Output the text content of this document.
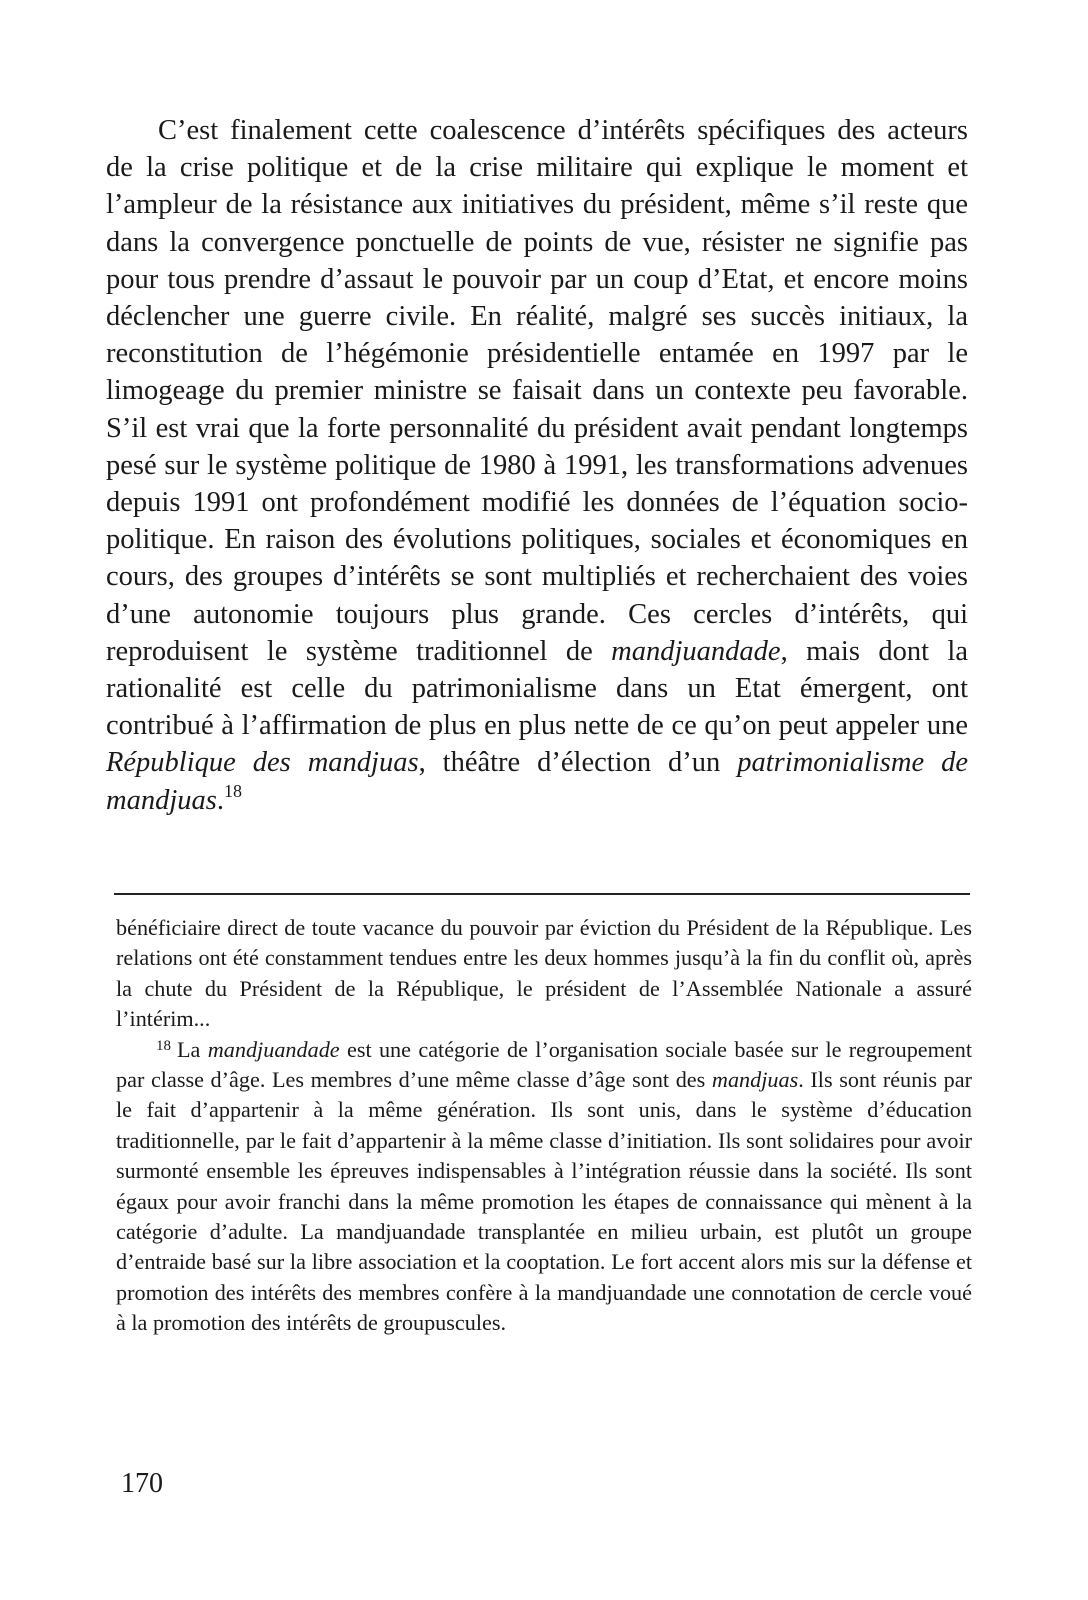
C’est finalement cette coalescence d’intérêts spécifiques des acteurs de la crise politique et de la crise militaire qui explique le moment et l’ampleur de la résistance aux initiatives du président, même s’il reste que dans la convergence ponctuelle de points de vue, résister ne signifie pas pour tous prendre d’assaut le pouvoir par un coup d’Etat, et encore moins déclencher une guerre civile. En réalité, malgré ses succès initiaux, la reconstitution de l’hégémonie présidentielle entamée en 1997 par le limogeage du premier ministre se faisait dans un contexte peu favorable. S’il est vrai que la forte personnalité du président avait pendant longtemps pesé sur le système politique de 1980 à 1991, les transformations advenues depuis 1991 ont profondément modifié les données de l’équation socio-politique. En raison des évolutions politiques, sociales et économiques en cours, des groupes d’intérêts se sont multipliés et recherchaient des voies d’une autonomie toujours plus grande. Ces cercles d’intérêts, qui reproduisent le système traditionnel de mandjuandade, mais dont la rationalité est celle du patrimonialisme dans un Etat émergent, ont contribué à l’affirmation de plus en plus nette de ce qu’on peut appeler une République des mandjuas, théâtre d’élection d’un patrimonialisme de mandjuas.$^{18}$

bénéficiaire direct de toute vacance du pouvoir par éviction du Président de la République. Les relations ont été constamment tendues entre les deux hommes jusqu’à la fin du conflit où, après la chute du Président de la République, le président de l’Assemblée Nationale a assuré l’intérim...

$^{18}$ La mandjuandade est une catégorie de l’organisation sociale basée sur le regroupement par classe d’âge. Les membres d’une même classe d’âge sont des mandjuas. Ils sont réunis par le fait d’appartenir à la même génération. Ils sont unis, dans le système d’éducation traditionnelle, par le fait d’appartenir à la même classe d’initiation. Ils sont solidaires pour avoir surmonté ensemble les épreuves indispensables à l’intégration réussie dans la société. Ils sont égaux pour avoir franchi dans la même promotion les étapes de connaissance qui mènent à la catégorie d’adulte. La mandjuandade transplantée en milieu urbain, est plutôt un groupe d’entraide basé sur la libre association et la cooptation. Le fort accent alors mis sur la défense et promotion des intérêts des membres confère à la mandjuandade une connotation de cercle voué à la promotion des intérêts de groupuscules.

170
